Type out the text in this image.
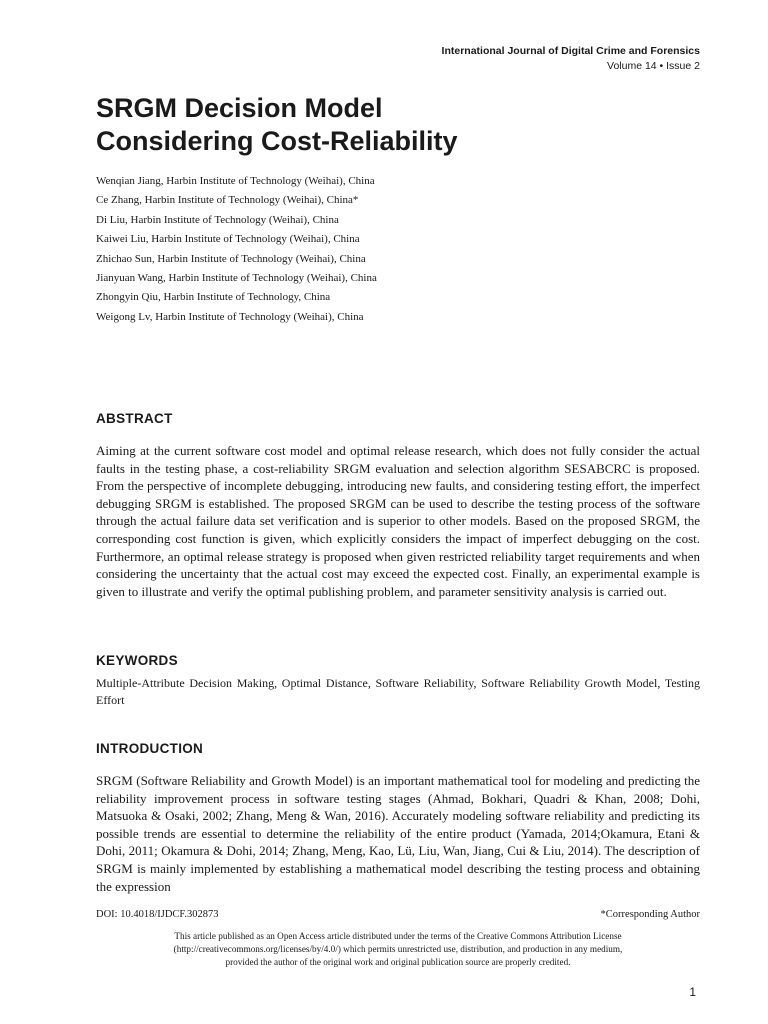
International Journal of Digital Crime and Forensics
Volume 14 • Issue 2
SRGM Decision Model
Considering Cost-Reliability
Wenqian Jiang, Harbin Institute of Technology (Weihai), China
Ce Zhang, Harbin Institute of Technology (Weihai), China*
Di Liu, Harbin Institute of Technology (Weihai), China
Kaiwei Liu, Harbin Institute of Technology (Weihai), China
Zhichao Sun, Harbin Institute of Technology (Weihai), China
Jianyuan Wang, Harbin Institute of Technology (Weihai), China
Zhongyin Qiu, Harbin Institute of Technology, China
Weigong Lv, Harbin Institute of Technology (Weihai), China
ABSTRACT

Aiming at the current software cost model and optimal release research, which does not fully consider the actual faults in the testing phase, a cost-reliability SRGM evaluation and selection algorithm SESABCRC is proposed. From the perspective of incomplete debugging, introducing new faults, and considering testing effort, the imperfect debugging SRGM is established. The proposed SRGM can be used to describe the testing process of the software through the actual failure data set verification and is superior to other models. Based on the proposed SRGM, the corresponding cost function is given, which explicitly considers the impact of imperfect debugging on the cost. Furthermore, an optimal release strategy is proposed when given restricted reliability target requirements and when considering the uncertainty that the actual cost may exceed the expected cost. Finally, an experimental example is given to illustrate and verify the optimal publishing problem, and parameter sensitivity analysis is carried out.

KEYWORDS

Multiple-Attribute Decision Making, Optimal Distance, Software Reliability, Software Reliability Growth Model, Testing Effort

INTRODUCTION

SRGM (Software Reliability and Growth Model) is an important mathematical tool for modeling and predicting the reliability improvement process in software testing stages (Ahmad, Bokhari, Quadri & Khan, 2008; Dohi, Matsuoka & Osaki, 2002; Zhang, Meng & Wan, 2016). Accurately modeling software reliability and predicting its possible trends are essential to determine the reliability of the entire product (Yamada, 2014;Okamura, Etani & Dohi, 2011; Okamura & Dohi, 2014; Zhang, Meng, Kao, Lü, Liu, Wan, Jiang, Cui & Liu, 2014). The description of SRGM is mainly implemented by establishing a mathematical model describing the testing process and obtaining the expression

DOI: 10.4018/IJDCF.302873	*Corresponding Author

This article published as an Open Access article distributed under the terms of the Creative Commons Attribution License
(http://creativecommons.org/licenses/by/4.0/) which permits unrestricted use, distribution, and production in any medium,
provided the author of the original work and original publication source are properly credited.

1
